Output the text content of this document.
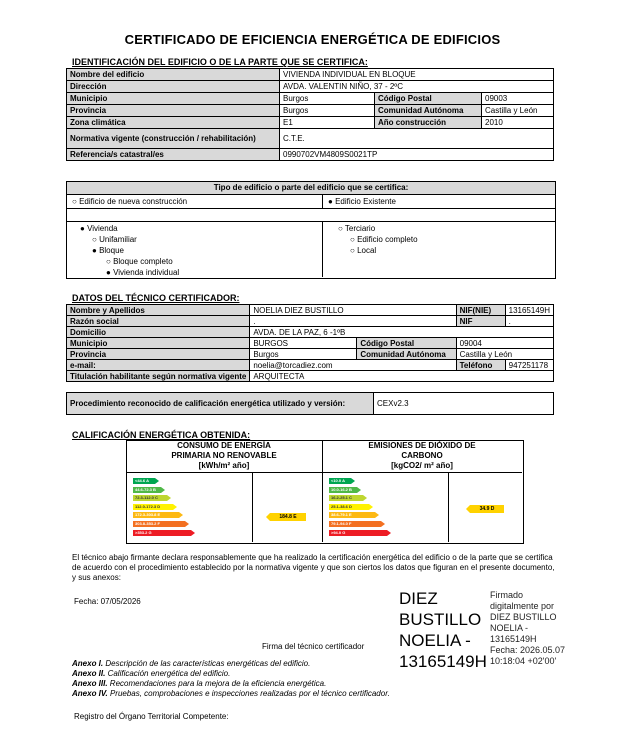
CERTIFICADO DE EFICIENCIA ENERGÉTICA DE EDIFICIOS
IDENTIFICACIÓN DEL EDIFICIO O DE LA PARTE QUE SE CERTIFICA:
Nombre del edificio	VIVIENDA INDIVIDUAL EN BLOQUE		
Dirección	AVDA. VALENTIN NIÑO, 37 - 2ºC		
Municipio	Burgos	Código Postal	09003
Provincia	Burgos	Comunidad Autónoma	Castilla y León
Zona climática	E1	Año construcción	2010
Normativa vigente (construcción / rehabilitación)	C.T.E.		
Referencia/s catastral/es	0990702VM4809S0021TP		
Tipo de edificio o parte del edificio que se certifica:
○ Edificio de nueva construcción	● Edificio Existente
● Vivienda
○ Unifamiliar
● Bloque
○ Bloque completo
● Vivienda individual
○ Terciario
○ Edificio completo
○ Local
DATOS DEL TÉCNICO CERTIFICADOR:
Nombre y Apellidos	NOELIA DIEZ BUSTILLO		NIF(NIE)	13165149H
Razón social	.		NIF	.
Domicilio	AVDA. DE LA PAZ, 6 -1ºB			
Municipio	BURGOS	Código Postal	09004	
Provincia	Burgos	Comunidad Autónoma	Castilla y León	
e-mail:	noelia@torcadiez.com		Teléfono	947251178
Titulación habilitante según normativa vigente	ARQUITECTA			
Procedimiento reconocido de calificación energética utilizado y versión:	CEXv2.3
CALIFICACIÓN ENERGÉTICA OBTENIDA:
CONSUMO DE ENERGÍA
PRIMARIA NO RENOVABLE
[kWh/m² año]
EMISIONES DE DIÓXIDO DE
CARBONO
[kgCO2/ m² año]
<44.6 A
44.6-72.3 B
72.3-112.0 C
112.0-172.3 D
172.3-303.8 E
303.8-353.2 F
>353.2 G
<10.0 A
10.0-16.2 B
16.2-25.1 C
25.1-38.6 D
38.6-79.1 E
79.1-94.0 F
>94.0 G
184.8 E
34.9 D
El técnico abajo firmante declara responsablemente que ha realizado la certificación energética del edificio o de la parte que se certifica de acuerdo con el procedimiento establecido por la normativa vigente y que son ciertos los datos que figuran en el presente documento, y sus anexos:
Fecha: 07/05/2026
Firma del técnico certificador
DIEZ
BUSTILLO
NOELIA -
13165149H
Firmado
digitalmente por
DIEZ BUSTILLO
NOELIA -
13165149H
Fecha: 2026.05.07
10:18:04 +02'00'
Anexo I. Descripción de las características energéticas del edificio.
Anexo II. Calificación energética del edificio.
Anexo III. Recomendaciones para la mejora de la eficiencia energética.
Anexo IV. Pruebas, comprobaciones e inspecciones realizadas por el técnico certificador.
Registro del Órgano Territorial Competente:
